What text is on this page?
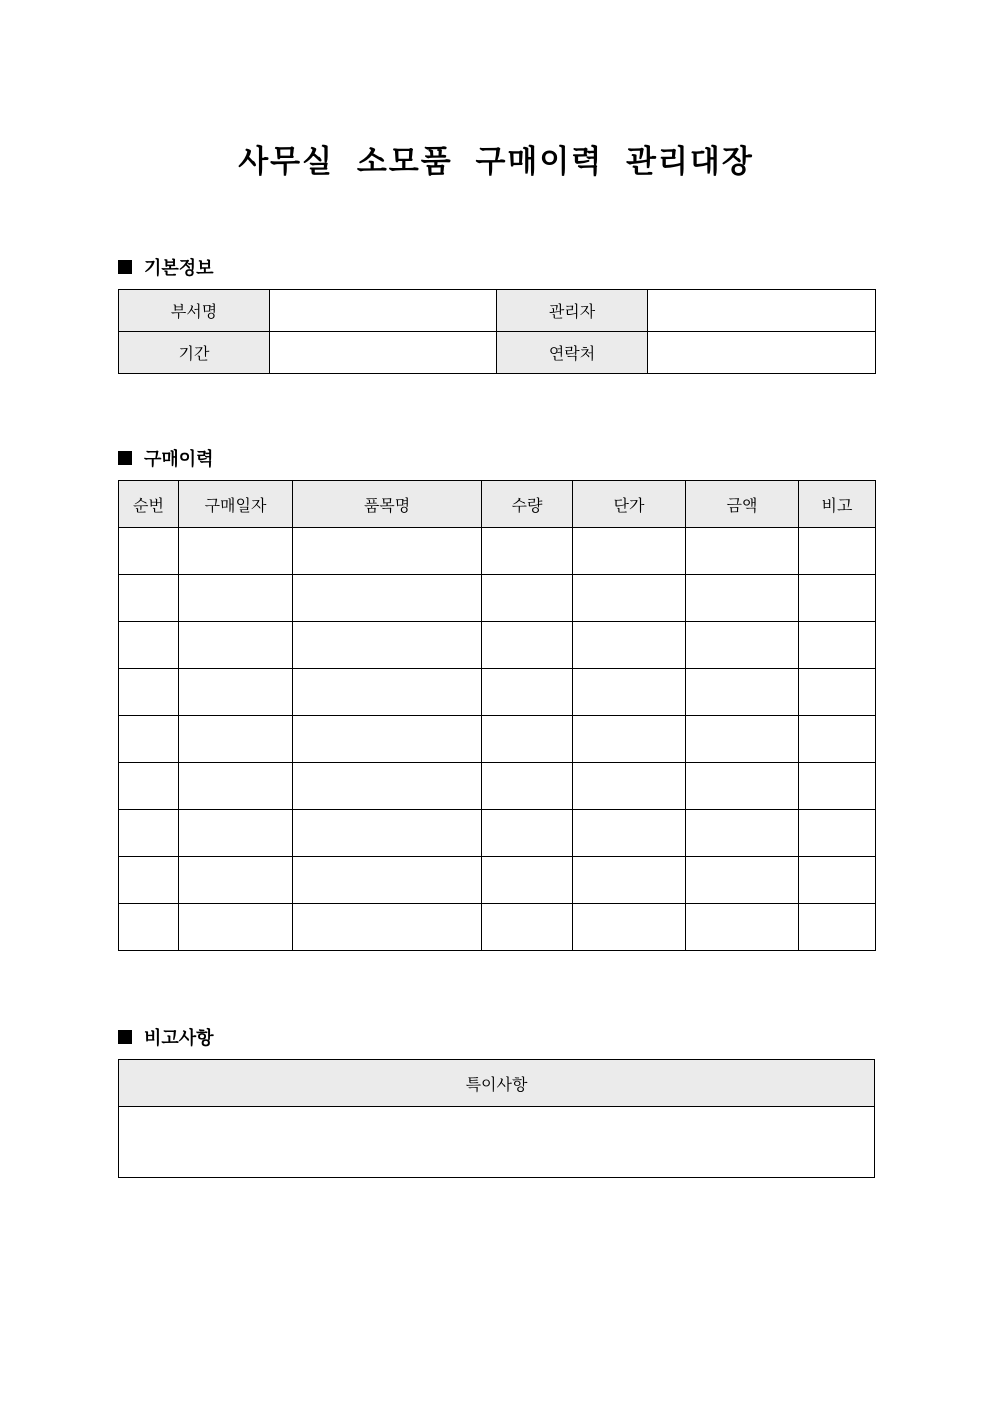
사무실 소모품 구매이력 관리대장
기본정보
부서명		관리자	
기간		연락처	
구매이력
순번	구매일자	품목명	수량	단가	금액	비고

비고사항
특이사항
